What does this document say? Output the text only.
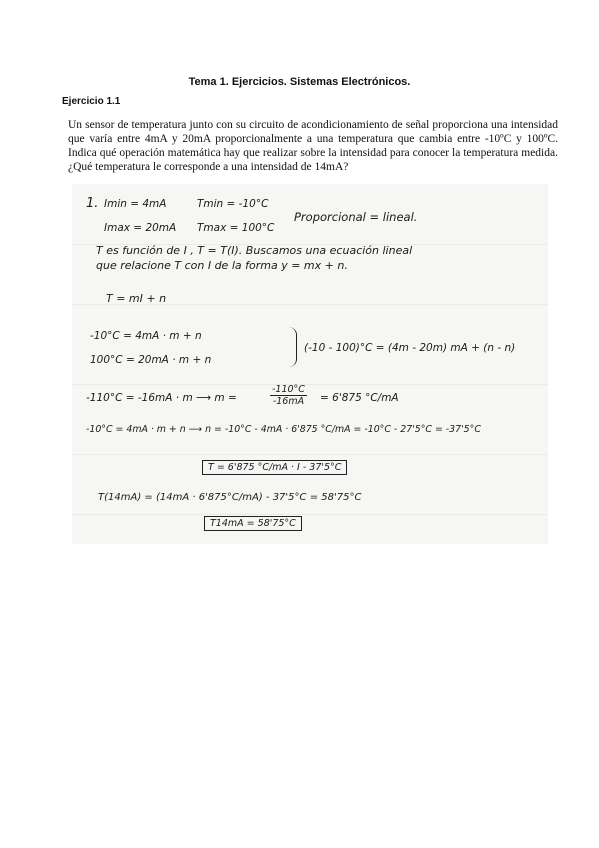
Tema 1. Ejercicios. Sistemas Electrónicos.
Ejercicio 1.1
Un sensor de temperatura junto con su circuito de acondicionamiento de señal proporciona una intensidad que varía entre 4mA y 20mA proporcionalmente a una temperatura que cambia entre -10ºC y 100ºC. Indica qué operación matemática hay que realizar sobre la intensidad para conocer la temperatura medida. ¿Qué temperatura le corresponde a una intensidad de 14mA?
1. Imin = 4mA	Tmin = -10°C
Proporcional = lineal.
Imax = 20mA Tmax = 100°C
T es función de I , T = T(I). Buscamos una ecuación lineal
que relacione T con I de la forma y = mx + n.
T = mI + n
-10°C = 4mA · m + n
100°C = 20mA · m + n
(-10 - 100)°C = (4m - 20m) mA + (n - n)
-110°C = -16mA · m ⟶ m =	$\frac{-110^\circ C}{-16mA} = 6'875$ °C/mA
-10°C = 4mA · m + n ⟶ n = -10°C - 4mA · 6'875 °C/mA = -10°C - 27'5°C = -37'5°C
T = 6'875 °C/mA · I - 37'5°C
T(14mA) = (14mA · 6'875°C/mA) - 37'5°C = 58'75°C
T14mA = 58'75°C
